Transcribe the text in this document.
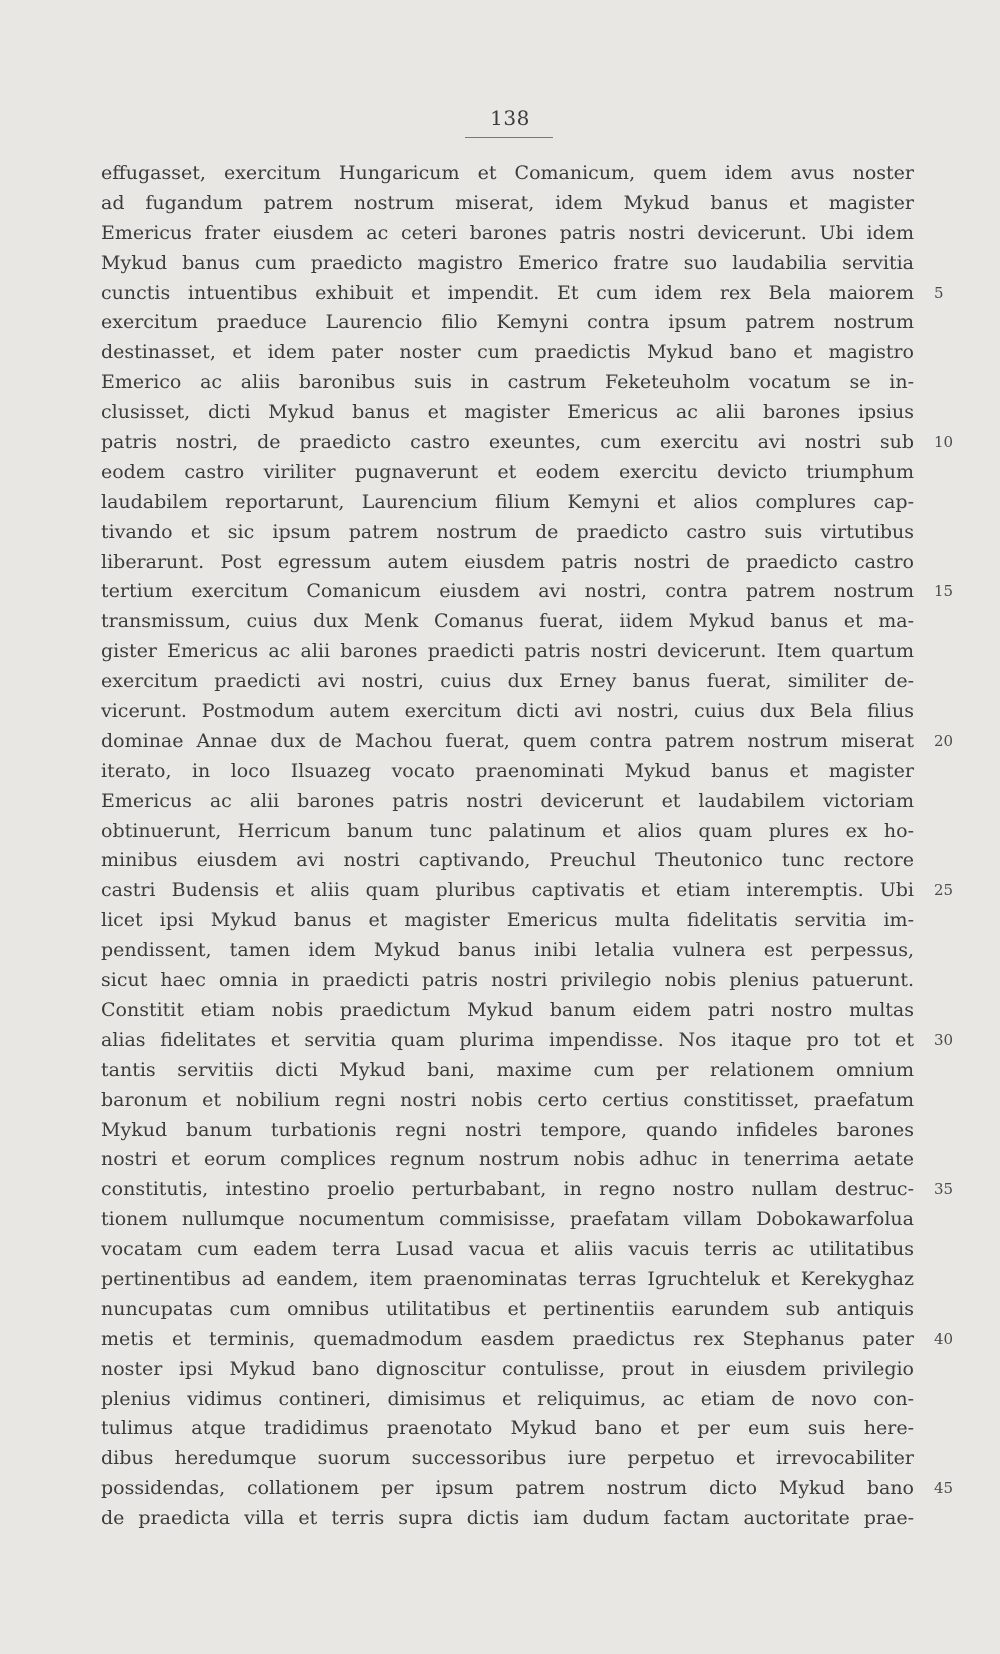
138
effugasset, exercitum Hungaricum et Comanicum, quem idem avus noster
ad fugandum patrem nostrum miserat, idem Mykud banus et magister
Emericus frater eiusdem ac ceteri barones patris nostri devicerunt. Ubi idem
Mykud banus cum praedicto magistro Emerico fratre suo laudabilia servitia
cunctis intuentibus exhibuit et impendit. Et cum idem rex Bela maiorem 5
exercitum praeduce Laurencio filio Kemyni contra ipsum patrem nostrum
destinasset, et idem pater noster cum praedictis Mykud bano et magistro
Emerico ac aliis baronibus suis in castrum Feketeuholm vocatum se in-
clusisset, dicti Mykud banus et magister Emericus ac alii barones ipsius
patris nostri, de praedicto castro exeuntes, cum exercitu avi nostri sub 10
eodem castro viriliter pugnaverunt et eodem exercitu devicto triumphum
laudabilem reportarunt, Laurencium filium Kemyni et alios complures cap-
tivando et sic ipsum patrem nostrum de praedicto castro suis virtutibus
liberarunt. Post egressum autem eiusdem patris nostri de praedicto castro
tertium exercitum Comanicum eiusdem avi nostri, contra patrem nostrum 15
transmissum, cuius dux Menk Comanus fuerat, iidem Mykud banus et ma-
gister Emericus ac alii barones praedicti patris nostri devicerunt. Item quartum
exercitum praedicti avi nostri, cuius dux Erney banus fuerat, similiter de-
vicerunt. Postmodum autem exercitum dicti avi nostri, cuius dux Bela filius
dominae Annae dux de Machou fuerat, quem contra patrem nostrum miserat 20
iterato, in loco Ilsuazeg vocato praenominati Mykud banus et magister
Emericus ac alii barones patris nostri devicerunt et laudabilem victoriam
obtinuerunt, Herricum banum tunc palatinum et alios quam plures ex ho-
minibus eiusdem avi nostri captivando, Preuchul Theutonico tunc rectore
castri Budensis et aliis quam pluribus captivatis et etiam interemptis. Ubi 25
licet ipsi Mykud banus et magister Emericus multa fidelitatis servitia im-
pendissent, tamen idem Mykud banus inibi letalia vulnera est perpessus,
sicut haec omnia in praedicti patris nostri privilegio nobis plenius patuerunt.
Constitit etiam nobis praedictum Mykud banum eidem patri nostro multas
alias fidelitates et servitia quam plurima impendisse. Nos itaque pro tot et 30
tantis servitiis dicti Mykud bani, maxime cum per relationem omnium
baronum et nobilium regni nostri nobis certo certius constitisset, praefatum
Mykud banum turbationis regni nostri tempore, quando infideles barones
nostri et eorum complices regnum nostrum nobis adhuc in tenerrima aetate
constitutis, intestino proelio perturbabant, in regno nostro nullam destruc- 35
tionem nullumque nocumentum commisisse, praefatam villam Dobokawarfolua
vocatam cum eadem terra Lusad vacua et aliis vacuis terris ac utilitatibus
pertinentibus ad eandem, item praenominatas terras Igruchteluk et Kerekyghaz
nuncupatas cum omnibus utilitatibus et pertinentiis earundem sub antiquis
metis et terminis, quemadmodum easdem praedictus rex Stephanus pater 40
noster ipsi Mykud bano dignoscitur contulisse, prout in eiusdem privilegio
plenius vidimus contineri, dimisimus et reliquimus, ac etiam de novo con-
tulimus atque tradidimus praenotato Mykud bano et per eum suis here-
dibus heredumque suorum successoribus iure perpetuo et irrevocabiliter
possidendas, collationem per ipsum patrem nostrum dicto Mykud bano 45
de praedicta villa et terris supra dictis iam dudum factam auctoritate prae-
